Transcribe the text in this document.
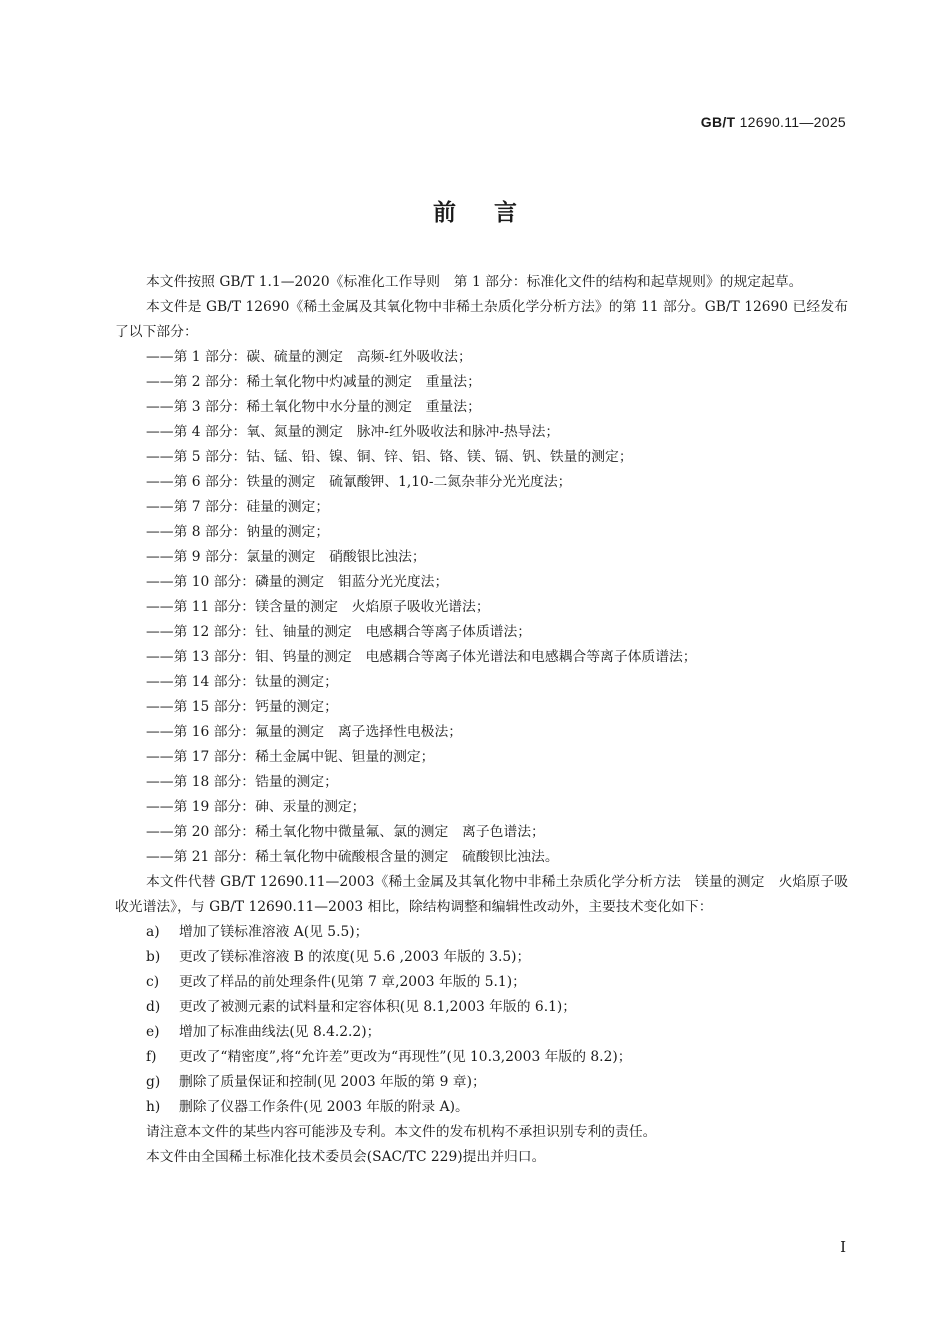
GB/T 12690.11—2025
前言

本文件按照 GB/T 1.1—2020《标准化工作导则　第 1 部分：标准化文件的结构和起草规则》的规定起草。

本文件是 GB/T 12690《稀土金属及其氧化物中非稀土杂质化学分析方法》的第 11 部分。GB/T 12690 已经发布了以下部分：

——第 1 部分：碳、硫量的测定　高频-红外吸收法；

——第 2 部分：稀土氧化物中灼减量的测定　重量法；

——第 3 部分：稀土氧化物中水分量的测定　重量法；

——第 4 部分：氧、氮量的测定　脉冲-红外吸收法和脉冲-热导法；

——第 5 部分：钴、锰、铅、镍、铜、锌、铝、铬、镁、镉、钒、铁量的测定；

——第 6 部分：铁量的测定　硫氰酸钾、1,10-二氮杂菲分光光度法；

——第 7 部分：硅量的测定；

——第 8 部分：钠量的测定；

——第 9 部分：氯量的测定　硝酸银比浊法；

——第 10 部分：磷量的测定　钼蓝分光光度法；

——第 11 部分：镁含量的测定　火焰原子吸收光谱法；

——第 12 部分：钍、铀量的测定　电感耦合等离子体质谱法；

——第 13 部分：钼、钨量的测定　电感耦合等离子体光谱法和电感耦合等离子体质谱法；

——第 14 部分：钛量的测定；

——第 15 部分：钙量的测定；

——第 16 部分：氟量的测定　离子选择性电极法；

——第 17 部分：稀土金属中铌、钽量的测定；

——第 18 部分：锆量的测定；

——第 19 部分：砷、汞量的测定；

——第 20 部分：稀土氧化物中微量氟、氯的测定　离子色谱法；

——第 21 部分：稀土氧化物中硫酸根含量的测定　硫酸钡比浊法。

本文件代替 GB/T 12690.11—2003《稀土金属及其氧化物中非稀土杂质化学分析方法　镁量的测定　火焰原子吸收光谱法》，与 GB/T 12690.11—2003 相比，除结构调整和编辑性改动外，主要技术变化如下：

a) 增加了镁标准溶液 A(见 5.5)；

b) 更改了镁标准溶液 B 的浓度(见 5.6 ,2003 年版的 3.5)；

c) 更改了样品的前处理条件(见第 7 章,2003 年版的 5.1)；

d) 更改了被测元素的试料量和定容体积(见 8.1,2003 年版的 6.1)；

e) 增加了标准曲线法(见 8.4.2.2)；

f) 更改了“精密度”,将“允许差”更改为“再现性”(见 10.3,2003 年版的 8.2)；

g) 删除了质量保证和控制(见 2003 年版的第 9 章)；

h) 删除了仪器工作条件(见 2003 年版的附录 A)。

请注意本文件的某些内容可能涉及专利。本文件的发布机构不承担识别专利的责任。

本文件由全国稀土标准化技术委员会(SAC/TC 229)提出并归口。

I
